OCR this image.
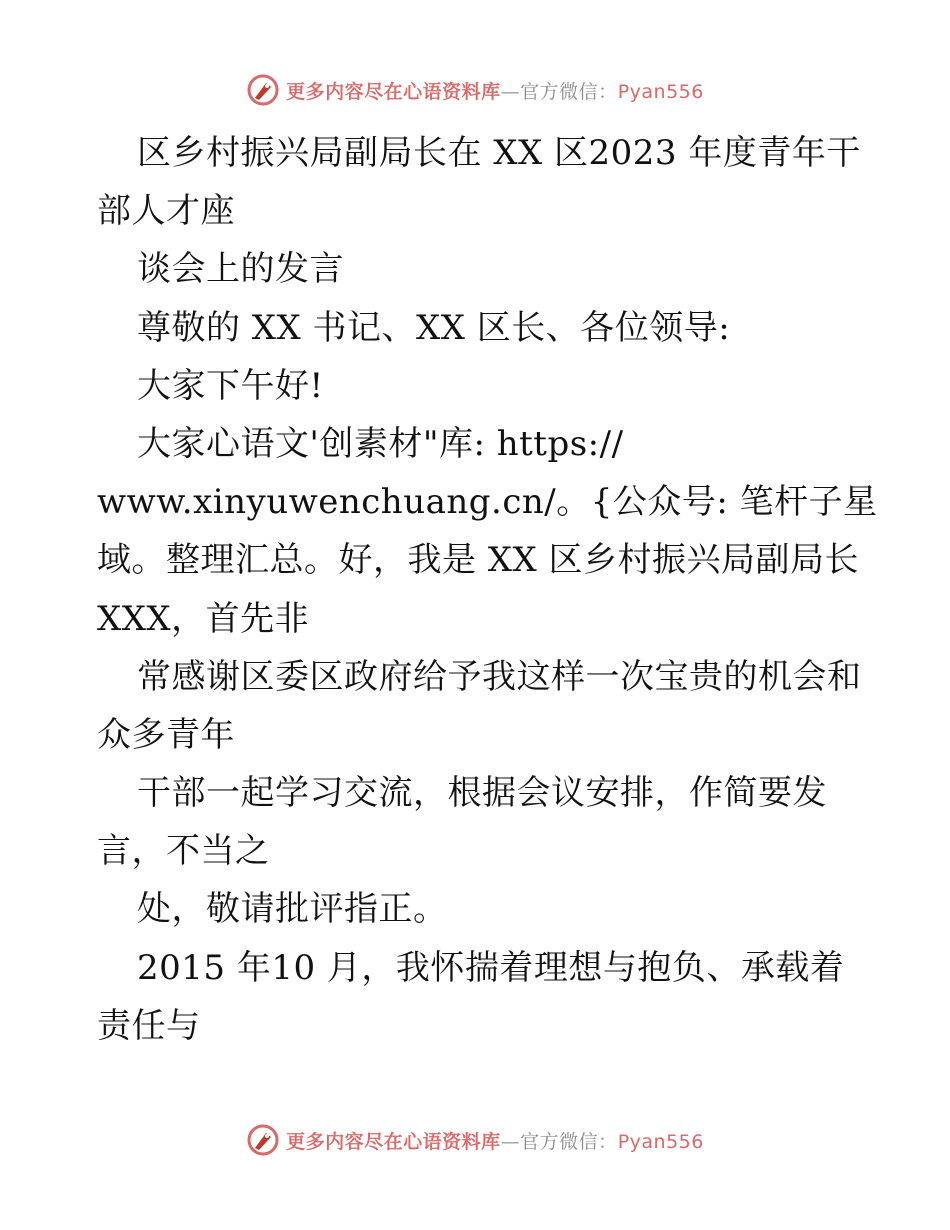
更多内容尽在心语资料库—官方微信：Pyan556
区乡村振兴局副局长在 XX 区2023 年度青年干
部人才座
谈会上的发言
尊敬的 XX 书记、XX 区长、各位领导:
大家下午好!
大家心语文'创素材"库: https://
www.xinyuwenchuang.cn/。{公众号: 笔杆子星
域。整理汇总。好，我是 XX 区乡村振兴局副局长
XXX，首先非
常感谢区委区政府给予我这样一次宝贵的机会和
众多青年
干部一起学习交流，根据会议安排，作简要发
言，不当之
处，敬请批评指正。
2015 年10 月，我怀揣着理想与抱负、承载着
责任与
更多内容尽在心语资料库—官方微信：Pyan556
